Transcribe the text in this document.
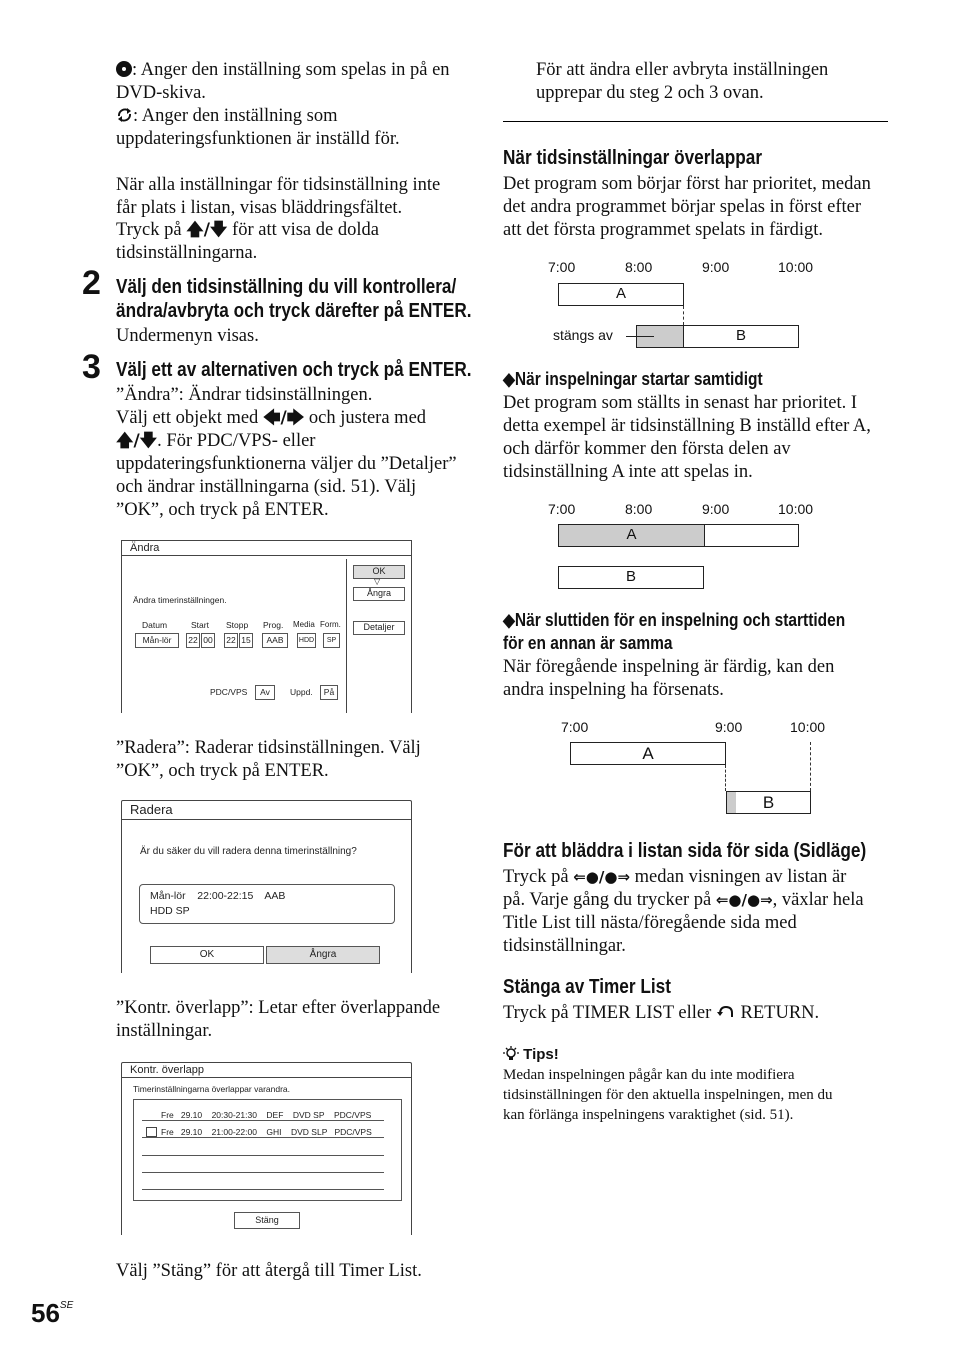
: Anger den inställning som spelas in på en
DVD-skiva.
: Anger den inställning som
uppdateringsfunktionen är inställd för.
När alla inställningar för tidsinställning inte
får plats i listan, visas bläddringsfältet.
Tryck på 🡅/🡇 för att visa de dolda
tidsinställningarna.
2 Välj den tidsinställning du vill kontrollera/
ändra/avbryta och tryck därefter på ENTER.
Undermenyn visas.
3 Välj ett av alternativen och tryck på ENTER.
”Ändra”: Ändrar tidsinställningen.
Välj ett objekt med 🡄/🡆 och justera med
🡅/🡇. För PDC/VPS- eller
uppdateringsfunktionerna väljer du ”Detaljer”
och ändrar inställningarna (sid. 51). Välj
”OK”, och tryck på ENTER.
Ändra
Ändra timerinställningen.
Datum	Start Stopp Prog. Media Form.
Mån-lör	22 00 22 15	AAB	HDD	SP
PDC/VPS	Av	Uppd.	På
OK
▽
Ångra
Detaljer
”Radera”: Raderar tidsinställningen. Välj
”OK”, och tryck på ENTER.
Radera
Är du säker du vill radera denna timerinställning?
Mån-lör    22:00-22:15    AAB
HDD SP
OK	Ångra
”Kontr. överlapp”: Letar efter överlappande
inställningar.
Kontr. överlapp
Timerinställningarna överlappar varandra.
Fre 29.10 20:30-21:30 DEF DVD SP PDC/VPS
Fre 29.10 21:00-22:00 GHI DVD SLP PDC/VPS
Stäng
Välj ”Stäng” för att återgå till Timer List.
$56^{SE}$
För att ändra eller avbryta inställningen
upprepar du steg 2 och 3 ovan.
När tidsinställningar överlappar
Det program som börjar först har prioritet, medan
det andra programmet börjar spelas in först efter
att det första programmet spelats in färdigt.
7:00	8:00	9:00	10:00
A
B
stängs av
◆När inspelningar startar samtidigt
Det program som ställts in senast har prioritet. I
detta exempel är tidsinställning B inställd efter A,
och därför kommer den första delen av
tidsinställning A inte att spelas in.
7:00	8:00	9:00	10:00
A
B
◆När sluttiden för en inspelning och starttiden
för en annan är samma
När föregående inspelning är färdig, kan den
andra inspelning ha försenats.
7:00	9:00	10:00
A
B
För att bläddra i listan sida för sida (Sidläge)
Tryck på ⇐●/●⇒ medan visningen av listan är
på. Varje gång du trycker på ⇐●/●⇒, växlar hela
Title List till nästa/föregående sida med
tidsinställningar.
Stänga av Timer List
Tryck på TIMER LIST eller  RETURN.
Tips!
Medan inspelningen pågår kan du inte modifiera
tidsinställningen för den aktuella inspelningen, men du
kan förlänga inspelningens varaktighet (sid. 51).
